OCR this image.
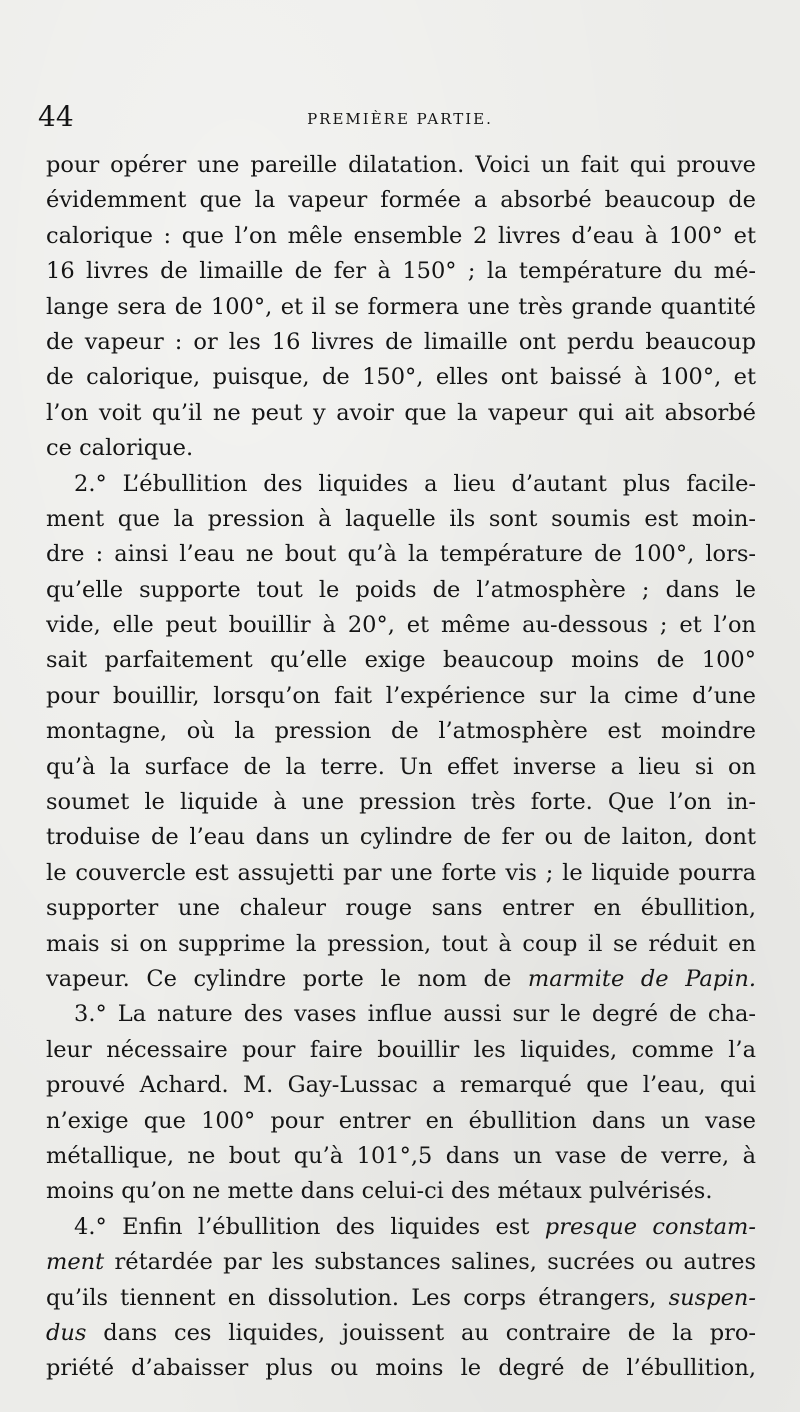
44	PREMIÈRE PARTIE.
pour opérer une pareille dilatation. Voici un fait qui prouve
évidemment que la vapeur formée a absorbé beaucoup de
calorique : que l’on mêle ensemble 2 livres d’eau à 100° et
16 livres de limaille de fer à 150° ; la température du mé-
lange sera de 100°, et il se formera une très grande quantité
de vapeur : or les 16 livres de limaille ont perdu beaucoup
de calorique, puisque, de 150°, elles ont baissé à 100°, et
l’on voit qu’il ne peut y avoir que la vapeur qui ait absorbé
ce calorique.
2.° L’ébullition des liquides a lieu d’autant plus facile-
ment que la pression à laquelle ils sont soumis est moin-
dre : ainsi l’eau ne bout qu’à la température de 100°, lors-
qu’elle supporte tout le poids de l’atmosphère ; dans le
vide, elle peut bouillir à 20°, et même au-dessous ; et l’on
sait parfaitement qu’elle exige beaucoup moins de 100°
pour bouillir, lorsqu’on fait l’expérience sur la cime d’une
montagne, où la pression de l’atmosphère est moindre
qu’à la surface de la terre. Un effet inverse a lieu si on
soumet le liquide à une pression très forte. Que l’on in-
troduise de l’eau dans un cylindre de fer ou de laiton, dont
le couvercle est assujetti par une forte vis ; le liquide pourra
supporter une chaleur rouge sans entrer en ébullition,
mais si on supprime la pression, tout à coup il se réduit en
vapeur. Ce cylindre porte le nom de marmite de Papin.
3.° La nature des vases influe aussi sur le degré de cha-
leur nécessaire pour faire bouillir les liquides, comme l’a
prouvé Achard. M. Gay-Lussac a remarqué que l’eau, qui
n’exige que 100° pour entrer en ébullition dans un vase
métallique, ne bout qu’à 101°,5 dans un vase de verre, à
moins qu’on ne mette dans celui-ci des métaux pulvérisés.
4.° Enfin l’ébullition des liquides est presque constam-
ment rétardée par les substances salines, sucrées ou autres
qu’ils tiennent en dissolution. Les corps étrangers, suspen-
dus dans ces liquides, jouissent au contraire de la pro-
priété d’abaisser plus ou moins le degré de l’ébullition,
